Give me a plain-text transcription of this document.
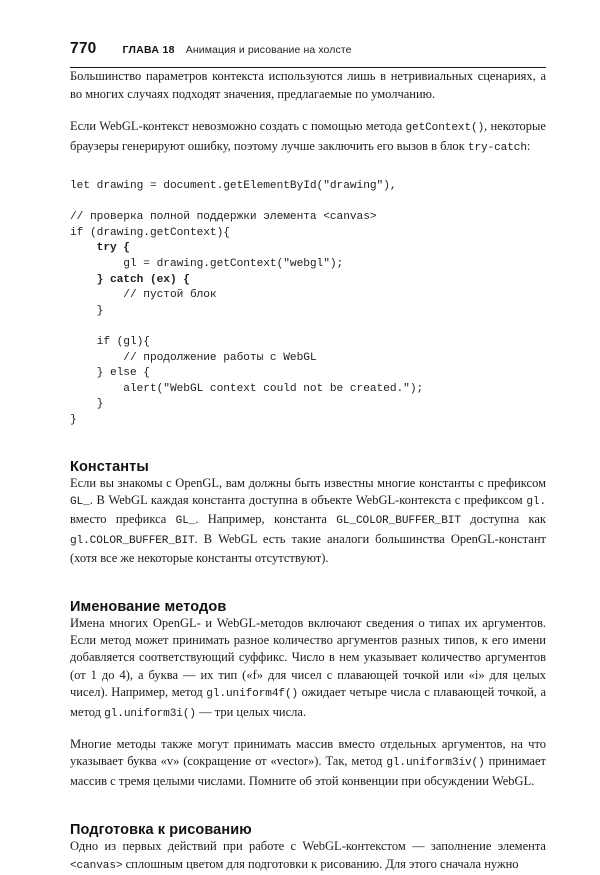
770 ГЛАВА 18 Анимация и рисование на холсте

Большинство параметров контекста используются лишь в нетривиальных сценариях, а во многих случаях подходят значения, предлагаемые по умолчанию.

Если WebGL-контекст невозможно создать с помощью метода getContext(), некоторые браузеры генерируют ошибку, поэтому лучше заключить его вызов в блок try-catch:

let drawing = document.getElementById("drawing"),

// проверка полной поддержки элемента <canvas>
if (drawing.getContext){
try {
gl = drawing.getContext("webgl");
} catch (ex) {
// пустой блок
}

if (gl){
// продолжение работы с WebGL
} else {
alert("WebGL context could not be created.");
}
}
Константы

Если вы знакомы с OpenGL, вам должны быть известны многие константы с префиксом GL_. В WebGL каждая константа доступна в объекте WebGL-контекста с префиксом gl. вместо префикса GL_. Например, константа GL_COLOR_BUFFER_BIT доступна как gl.COLOR_BUFFER_BIT. В WebGL есть такие аналоги большинства OpenGL-констант (хотя все же некоторые константы отсутствуют).

Именование методов

Имена многих OpenGL- и WebGL-методов включают сведения о типах их аргументов. Если метод может принимать разное количество аргументов разных типов, к его имени добавляется соответствующий суффикс. Число в нем указывает количество аргументов (от 1 до 4), а буква — их тип («f» для чисел с плавающей точкой или «i» для целых чисел). Например, метод gl.uniform4f() ожидает четыре числа с плавающей точкой, а метод gl.uniform3i() — три целых числа.

Многие методы также могут принимать массив вместо отдельных аргументов, на что указывает буква «v» (сокращение от «vector»). Так, метод gl.uniform3iv() принимает массив с тремя целыми числами. Помните об этой конвенции при обсуждении WebGL.

Подготовка к рисованию

Одно из первых действий при работе с WebGL-контекстом — заполнение элемента <canvas> сплошным цветом для подготовки к рисованию. Для этого сначала нужно
